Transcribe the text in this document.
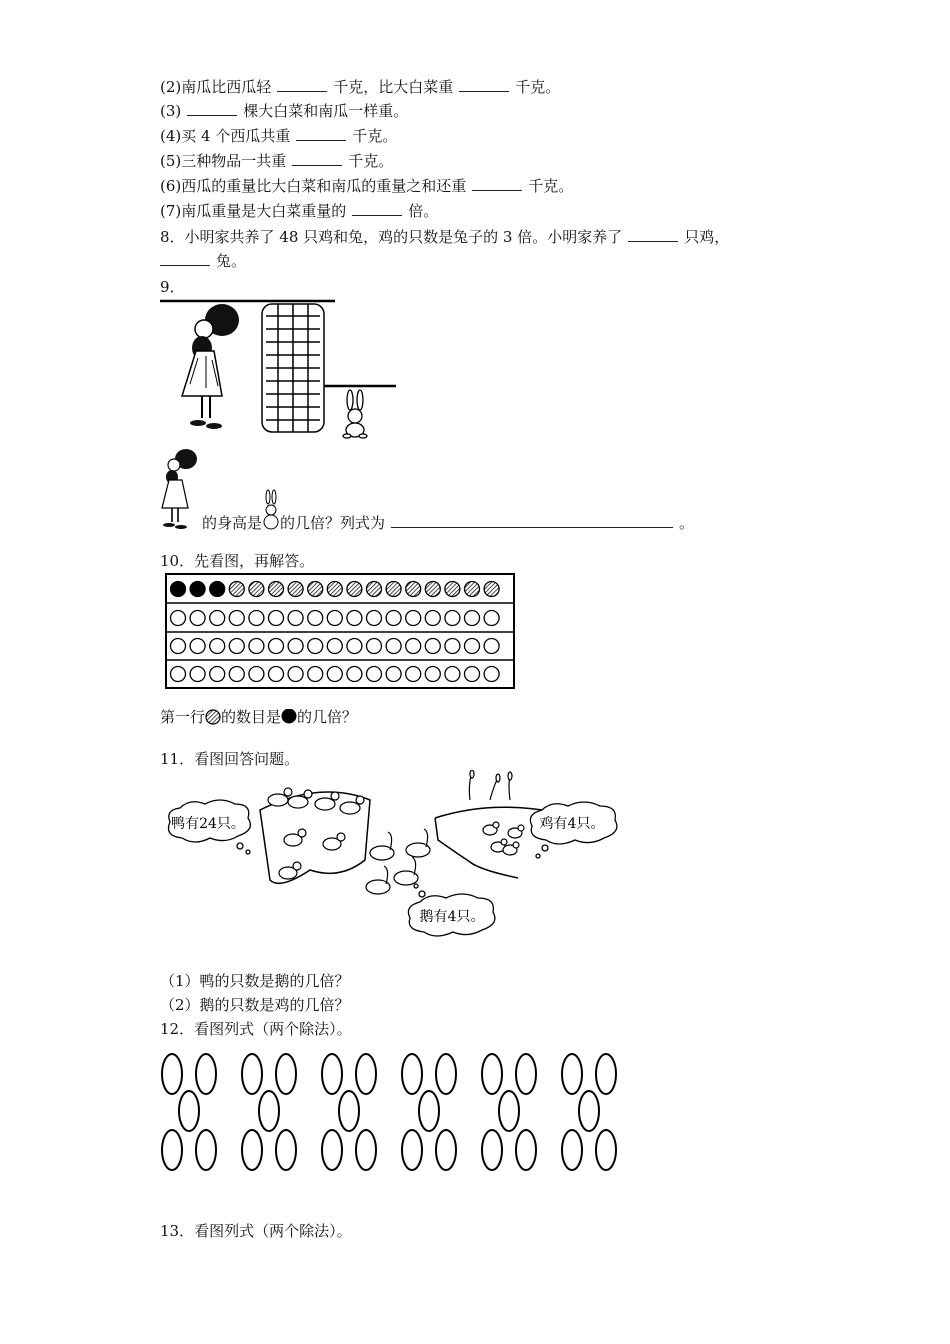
(2)南瓜比西瓜轻	千克，比大白菜重	千克。
(3)	棵大白菜和南瓜一样重。
(4)买 4 个西瓜共重	千克。
(5)三种物品一共重	千克。
(6)西瓜的重量比大白菜和南瓜的重量之和还重	千克。
(7)南瓜重量是大白菜重量的	倍。
8．小明家共养了 48 只鸡和兔，鸡的只数是兔子的 3 倍。小明家养了	只鸡，
兔。
9．
的身高是 的几倍？列式为	。
10．先看图，再解答。
第一行 的数目是 的几倍？
11．看图回答问题。
鸭有24只。	鸡有4只。
鹅有4只。
（1）鸭的只数是鹅的几倍？
（2）鹅的只数是鸡的几倍？
12．看图列式（两个除法）。
13．看图列式（两个除法）。
